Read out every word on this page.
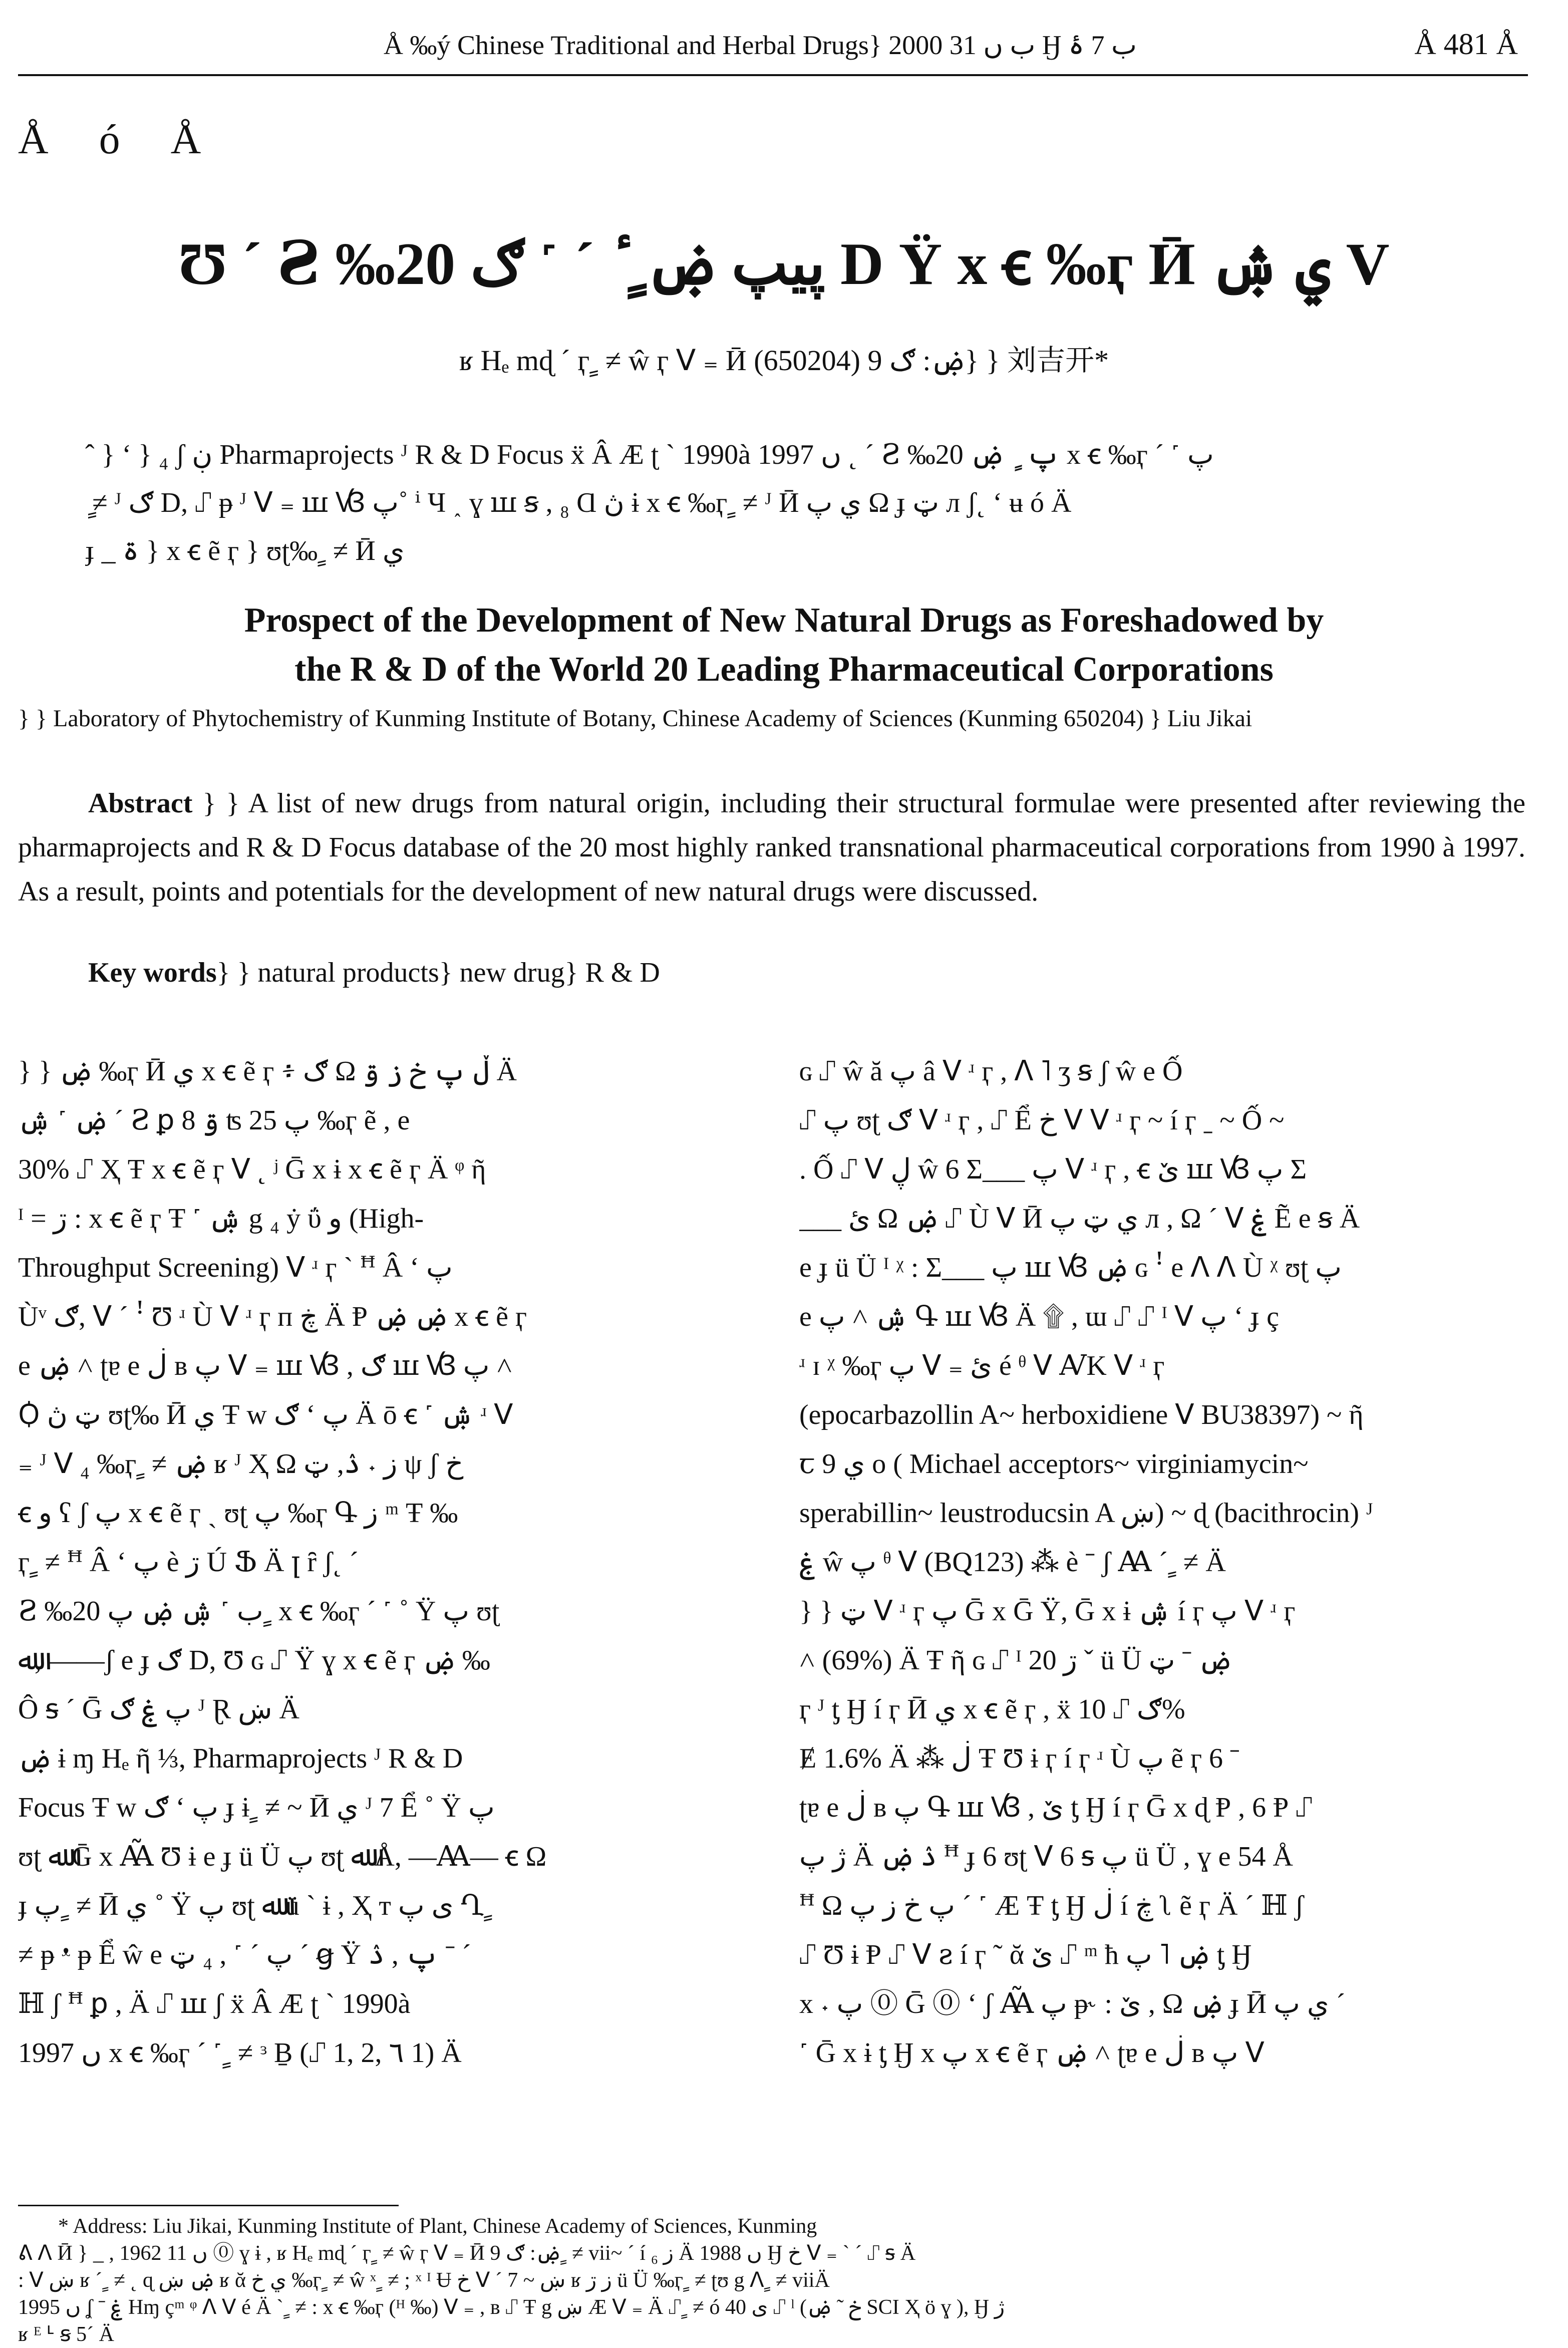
Å ‰ý Chinese Traditional and Herbal Drugs} 2000 ب ں 31 Ӈ ب 7 ۂ	Å 481 Å
Å ó Å
Ʊ ˊ Ꙅ ‰20 پيپ ۻ ٍ ٔ ˊ ˹ ګ D Ÿ x ꞓ ‰ӷ Ӣ ي ۺ V
ʁ Hₑ mɖ ˊ ӷ ٍ ≠ ŵ ӷ ᐯ ₌ Ӣ ۻ: ګ 9 (650204)} } 刘吉开*

ˆ } ʻ } ₄ ʃ ڹ Pharmaprojects ᴶ R & D Focus ẍ Â Æ ʈ ˋ 1990à 1997 ں ˛ ˊ Ꙅ ‰20 پ ٍ ۻ x ꞓ ‰ӷ ˊ ˹ پ

ٍ ≠ ᴶ ګ D, ⑀ ᵽ ᴶ ᐯ ₌ ꟺ Ꟃ پ˚ ⁱ Ч ˰ ɣ ꟺ ꞩ , ₈ Ɑ ڽ ɨ x ꞓ ‰ӷ ٍ ≠ ᴶ Ӣ ي پ Ω ɟ ټ л ʃ˛ ʻ ʉ ó Ä

ɟ _ ۃ } x ꞓ ẽ ӷ } ʊʈ‰ ٍ ≠ Ӣ ي

Prospect of the Development of New Natural Drugs as Foreshadowed by
the R & D of the World 20 Leading Pharmaceutical Corporations
} } Laboratory of Phytochemistry of Kunming Institute of Botany, Chinese Academy of Sciences (Kunming 650204) } Liu Jikai
Abstract } } A list of new drugs from natural origin, including their structural formulae were presented after reviewing the pharmaprojects and R & D Focus database of the 20 most highly ranked transnational pharmaceutical corporations from 1990 à 1997. As a result, points and potentials for the development of new natural drugs were discussed.
Key words} } natural products} new drug} R & D

} } ۻ ‰ӷ Ӣ ي x ꞓ ẽ ӷ ፥ ګ Ω ڵ پ خ ز ۊ Ä

ۻ ˹ ۺ ˊ Ꙅ ꝑ 8 ۊ ʦ پ 25 ‰ӷ ẽ , e

30% ⑀ Ҳ Ŧ x ꞓ ẽ ӷ ᐯ ˛ ʲ Ḡ x ɨ x ꞓ ẽ ӷ Ä ᵠ ῆ

ᴵ = ڗ : x ꞓ ẽ ӷ Ŧ ˹ ۺ g ₄ ẏ ΰ و (High-

Throughput Screening) ᐯ ʴ ӷ ˋ ꟸ Â ʻ پ

Ùᵛ ګ, ᐯ ˊ ꜝ Ʊ ʴ Ù ᐯ ʴ ӷ п ڿ Ä Ᵽ ۻ ۻ x ꞓ ẽ ӷ

e ۻ ˄ ʈɐ e ڶ ʙ پ ᐯ ₌ ꟺ Ꟃ , ګ ꟺ Ꟃ پ ˄

Ꟁ ټ ڽ ʊʈ‰ Ӣ ي Ŧ w ګ ʻ پ Ä ō ꞓ ˹ ۺ ʴ ᐯ

₌ ᴶ ᐯ ₄ ‰ӷ ٍ ≠ ۻ ʁ ᴶ Ҳ Ω ز ˖ ۮ, ټ ψ ʃ خ

ꞓ و ʕ ʃ پ x ꞓ ẽ ӷ ˏ ʊʈ پ ‰ӷ Գ ز ᵐ Ŧ ‰

ӷ ٍ ≠ ꟸ Â ʻ پ ѐ ڗ Ú Ֆ Ä ꞁ ȓ ʃ˛ ˊ

Ꙅ ‰20 ب ˹ ۺ ۻ پ ٍ x ꞓ ‰ӷ ˊ ˹ ˚ Ÿ پ ʊʈ

ﷲ, ——ʃ e ɟ ګ D, Ʊ ɢ ⑀ Ÿ ɣ x ꞓ ẽ ӷ ۻ ‰

Ô ꟊ ˊ Ḡ پ ۼ ګ ᴶ Ɽ ښ Ä

ۻ ɨ ɱ Hₑ ῆ ⅓, Pharmaprojects ᴶ R & D

Focus Ŧ w ګ ʻ پ ɟ ɨ ٍ ≠ ~ Ӣ ي ᴶ 7 Ể ˚ Ÿ پ

ʊʈ ﷲ Ḡ x Ꜳ̃ Ʊ ɨ e ɟ ü Ü پ ʊʈ ﷲ Å, —Ꜳ— ꞓ Ω

ɟ پ ٍ ≠ Ӣ ي ˚ Ÿ پ ʊʈ ﷲ ü ˋ ɨ , Ҳ т ى پ Ղ ٍ

≠ ᵽ ᵜ ᵽ Ể ŵ e پ ˊ ˹ , ₄ ټ ˊ ꞡ Ÿ پ , ۮ ˉ ˊ

ℍ ʃ ꟸ ꝑ , Ä ⑀ ꟺ ʃ ẍ Â Æ ʈ ˋ 1990à

1997 ں x ꞓ ‰ӷ ˊ ˹ ٍ ≠ ᵌ Ḇ (⑀ 1, 2, ٦ 1) Ä

ɢ ⑀ ŵ ă پ â ᐯ ʴ ӷ , ᐱ ˥ ʒ ꞩ ʃ ŵ e Ố

⑀ پ ʊʈ ګ ᐯ ʴ ӷ , ⑀ Ể خ ᐯ ᐯ ʴ ӷ ~ í ӷ ˍ ~ Ố ~

. Ố ⑀ ᐯ ڸ ŵ 6 Σ___ پ ᐯ ʴ ӷ , ꞓ ێ ꟺ Ꟃ پ Σ

___ ئ Ω ۻ ⑀ Ù ᐯ Ӣ ي ټ پ л , Ω ˊ ᐯ ۼ Ẽ e ꞩ Ä

e ɟ ü Ü ᴵ ᵡ : Σ___ پ ꟺ Ꟃ ۻ ɢ ꜝ e ᐱ ᐱ Ù ᵡ ʊʈ پ

e ۺ ˄ پ Գ ꟺ Ꟃ Ä ۩ , ɯ ⑀ ⑀ ᴵ ᐯ پ ʻ ɟ ç

ʴ ɪ ᵡ ‰ӷ پ ᐯ ₌ ئ é ᶿ ᐯ ꜸK ᐯ ʴ ӷ

(epocarbazollin A~ herboxidiene ᐯ BU38397) ~ ῆ

ꞇ ي 9 ο ( Michael acceptors~ virginiamycin~

sperabillin~ leustroducsin A ښ) ~ ɖ (bacithrocin) ᴶ

ۼ ŵ پ ᶿ ᐯ (BQ123) ⁂ è ˉ ʃ Ꜳ ˊ ٍ ≠ Ä

} } ټ ᐯ ʴ ӷ پ Ḡ x Ḡ Ÿ, Ḡ x ɨ ۺ í ӷ پ ᐯ ʴ ӷ

˄ (69%) Ä Ŧ ῆ ɢ ⑀ ᴵ ڗ 20 ˇ ü Ü ۻ ˉ ټ

ӷ ᴶ ƫ Ӈ í ӷ Ӣ ي x ꞓ ẽ ӷ , ẍ ګ ⑀ 10%

Ɇ 1.6% Ä ⁂ ڶ Ŧ Ʊ ɨ ӷ í ӷ ʴ Ù پ ẽ ӷ 6 ˉ

ʈɐ e ڶ ʙ پ Գ ꟺ Ꟃ , ێ ƫ Ӈ í ӷ Ḡ x ɖ Ᵽ , 6 Ᵽ ⑀

ژ پ Ä ۮ ۻ ꟸ ɟ 6 ʊʈ ᐯ 6 ꟊ پ ü Ü , ɣ e 54 Å

ꟸ Ω پ خ ز پ ˊ ˹ Æ Ŧ ƫ Ӈ ڶ í ڿ ʅ ẽ ӷ Ä ˊ ℍ ʃ

⑀ Ʊ ɨ Ᵽ ⑀ ᐯ ꙅ í ӷ ˜ ᾰ ێ ⑀ ᵐ ћ ۻ ˥ پ ƫ Ӈ

x ˖ پ ⓪ Ḡ ⓪ ʻ ʃ Ꜳ̃ پ ᵽ˞ : ێ , Ω ۻ ɟ Ӣ ي پ ˊ

˹ Ḡ x ɨ ƫ Ӈ x پ x ꞓ ẽ ӷ ۻ ˄ ʈɐ e ڶ ʙ پ ᐯ

* Address: Liu Jikai, Kunming Institute of Plant, Chinese Academy of Sciences, Kunming

ᕕ ᐱ Ӣ } _ , 1962 ں 11 ⓪ ɣ ɨ , ʁ Hₑ mɖ ˊ ӷ ٍ ≠ ŵ ӷ ᐯ ₌ Ӣ ۻ: ګ 9 ٍ ≠ vii~ ˊ í ز ₆ Ä 1988 ں Ӈ خ ᐯ ₌ ˋ ˊ ⑀ ꟊ Ä

: ᐯ ښ ʁ ˊ ٍ ≠ ˛ ɋ ۻ ښ ʁ ᾰ ي خ ‰ӷ ٍ ≠ ŵ ˣ ٍ ≠ ; ˣ ᴵ Ʉ خ ᐯ ˊ 7 ~ ښ ʁ ز ڗ ü Ü ‰ӷ ٍ ≠ ʈʊ g ᐱ ٍ ≠ viiÄ

1995 ں ʆ ˉ ۼ Hɱ çᵐ ᵠ ᐱ ᐯ é Ä ˋ ٍ ≠ : x ꞓ ‰ӷ (ᴴ ‰) ᐯ ₌ , ʙ ⑀ Ŧ g ښ Æ ᐯ ₌ Ä ⑀ ٍ ≠ ó ى 40 ⑀ ˡ (خ ˜ ۻ SCI Ҳ ö ɣ ), Ӈ ژ

ʁ ᴱ ᒻ ꞩ 5ˊ Ä
